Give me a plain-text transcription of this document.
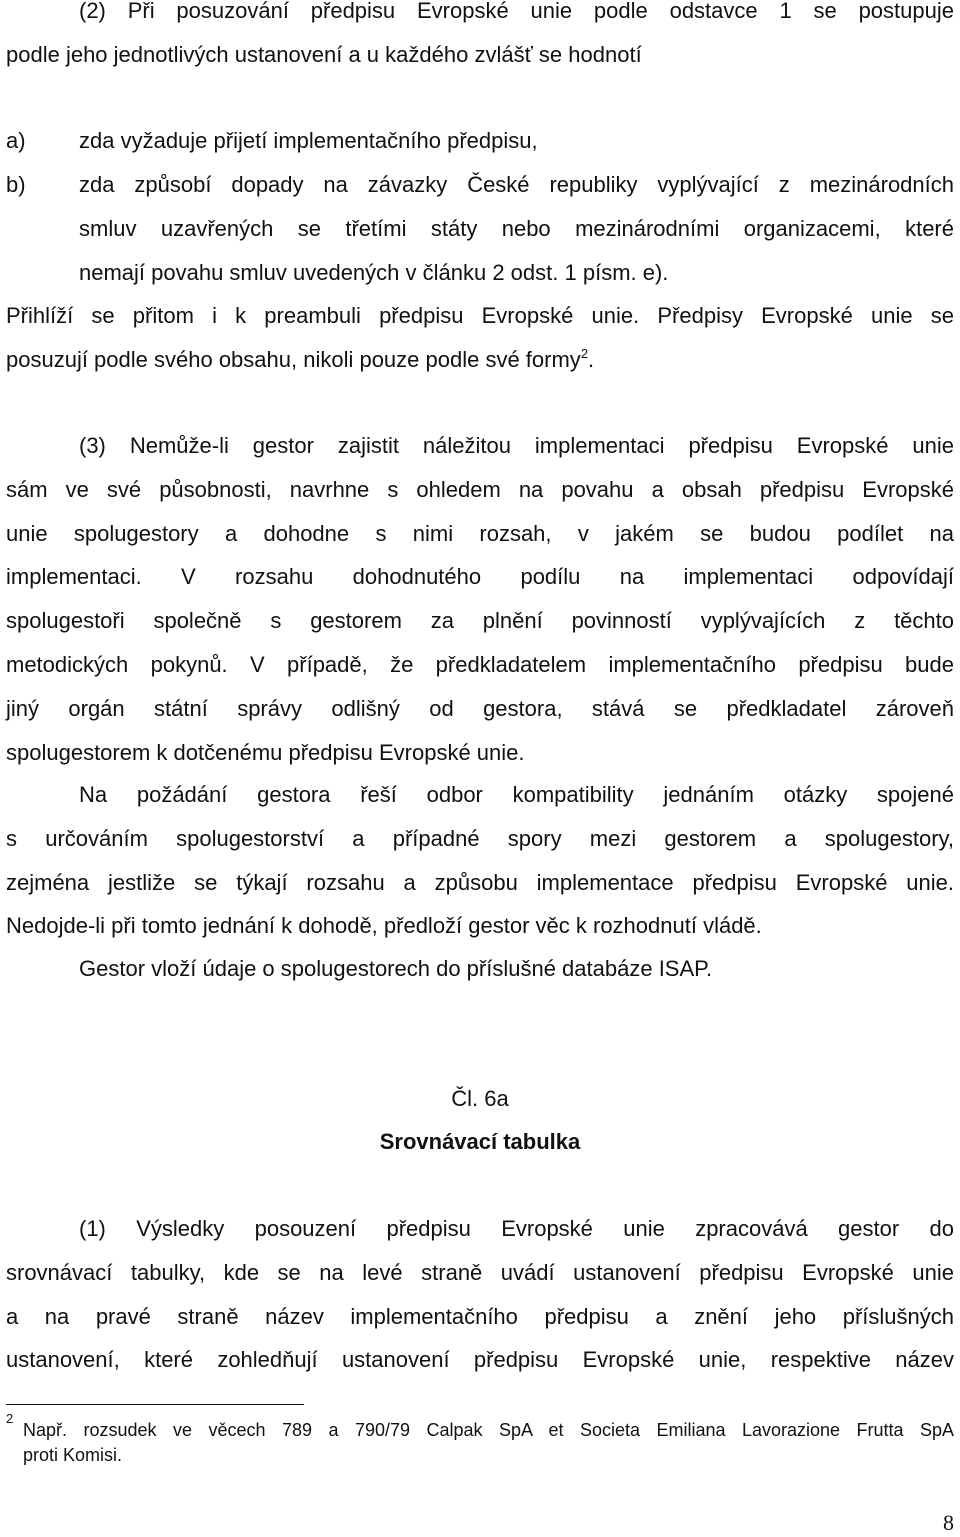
(2) Při posuzování předpisu Evropské unie podle odstavce 1 se postupuje
podle jeho jednotlivých ustanovení a u každého zvlášť se hodnotí
a) zda vyžaduje přijetí implementačního předpisu,
b) zda způsobí dopady na závazky České republiky vyplývající z mezinárodních
smluv uzavřených se třetími státy nebo mezinárodními organizacemi, které
nemají povahu smluv uvedených v článku 2 odst. 1 písm. e).
Přihlíží se přitom i k preambuli předpisu Evropské unie. Předpisy Evropské unie se
posuzují podle svého obsahu, nikoli pouze podle své formy$^2$.
(3) Nemůže-li gestor zajistit náležitou implementaci předpisu Evropské unie
sám ve své působnosti, navrhne s ohledem na povahu a obsah předpisu Evropské
unie spolugestory a dohodne s nimi rozsah, v jakém se budou podílet na
implementaci. V rozsahu dohodnutého podílu na implementaci odpovídají
spolugestoři společně s gestorem za plnění povinností vyplývajících z těchto
metodických pokynů. V případě, že předkladatelem implementačního předpisu bude
jiný orgán státní správy odlišný od gestora, stává se předkladatel zároveň
spolugestorem k dotčenému předpisu Evropské unie.
Na požádání gestora řeší odbor kompatibility jednáním otázky spojené
s určováním spolugestorství a případné spory mezi gestorem a spolugestory,
zejména jestliže se týkají rozsahu a způsobu implementace předpisu Evropské unie.
Nedojde-li při tomto jednání k dohodě, předloží gestor věc k rozhodnutí vládě.
Gestor vloží údaje o spolugestorech do příslušné databáze ISAP.
Čl. 6a
Srovnávací tabulka
(1) Výsledky posouzení předpisu Evropské unie zpracovává gestor do
srovnávací tabulky, kde se na levé straně uvádí ustanovení předpisu Evropské unie
a na pravé straně název implementačního předpisu a znění jeho příslušných
ustanovení, které zohledňují ustanovení předpisu Evropské unie, respektive název
2
Např. rozsudek ve věcech 789 a 790/79 Calpak SpA et Societa Emiliana Lavorazione Frutta SpA
proti Komisi.
8
